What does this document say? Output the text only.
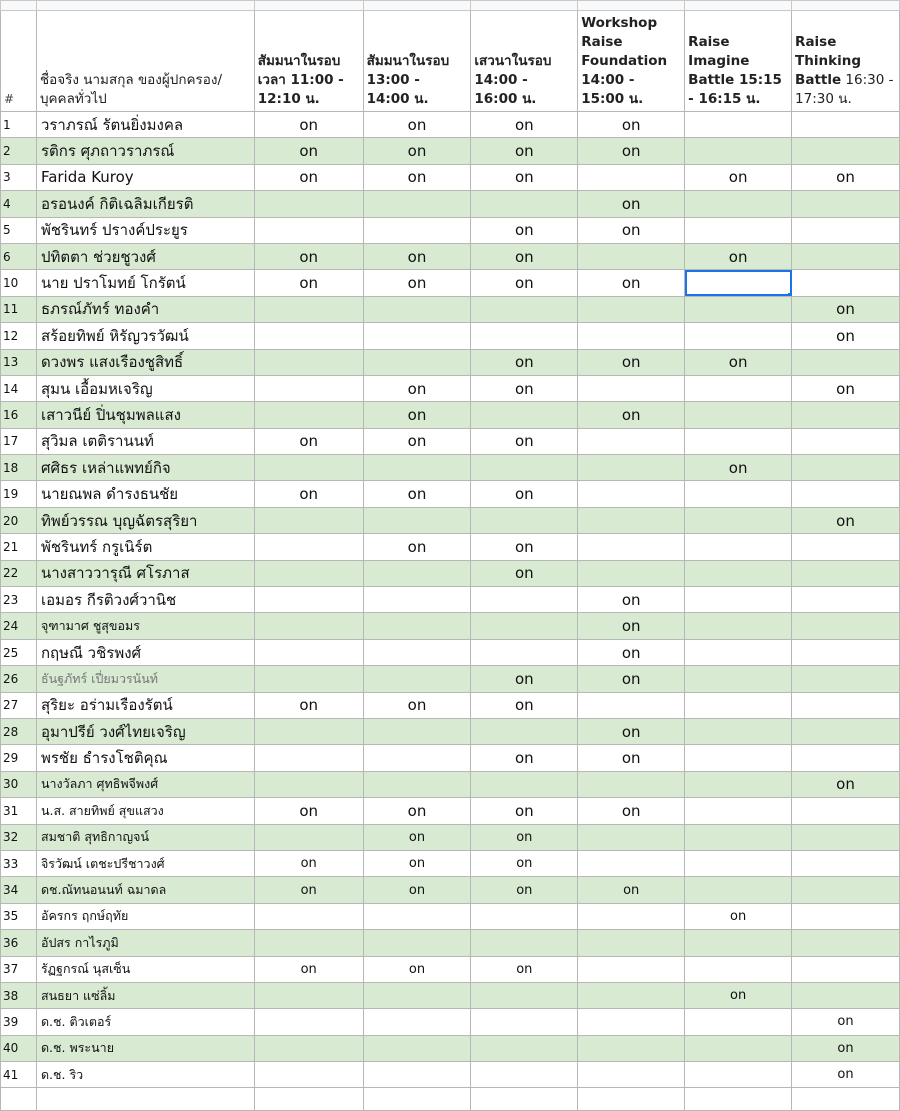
#	ชื่อจริง นามสกุล ของผู้ปกครอง/บุคคลทั่วไป	สัมมนาในรอบ เวลา 11:00 - 12:10 น.	สัมมนาในรอบ 13:00 - 14:00 น.	เสวนาในรอบ 14:00 - 16:00 น.	Workshop Raise Foundation 14:00 - 15:00 น.	Raise Imagine Battle 15:15 - 16:15 น.	Raise Thinking Battle 16:30 - 17:30 น.
1	วราภรณ์ รัตนยิ่งมงคล	on	on	on	on		
2	รติกร ศุภถาวราภรณ์	on	on	on	on		
3	Farida Kuroy	on	on	on		on	on
4	อรอนงค์ กิติเฉลิมเกียรติ				on		
5	พัชรินทร์ ปรางค์ประยูร			on	on		
6	ปทิตตา ช่วยชูวงศ์	on	on	on		on	
10	นาย ปราโมทย์ โกรัตน์	on	on	on	on		
11	ธภรณ์ภัทร์ ทองคำ						on
12	สร้อยทิพย์ หิรัญวรวัฒน์						on
13	ดวงพร แสงเรืองชูสิทธิ์			on	on	on	
14	สุมน เอื้อมหเจริญ		on	on			on
16	เสาวนีย์ ปิ่นชุมพลแสง		on		on		
17	สุวิมล เตติรานนท์	on	on	on			
18	ศศิธร เหล่าแพทย์กิจ					on	
19	นายณพล ดำรงธนชัย	on	on	on			
20	ทิพย์วรรณ บุญฉัตรสุริยา						on
21	พัชรินทร์ กรูเนิร์ต		on	on			
22	นางสาววารุณี ศโรภาส			on			
23	เอมอร กีรติวงศ์วานิช				on		
24	จุฑามาศ ชูสุขอมร				on		
25	กฤษณี วชิรพงศ์				on		
26	ธันฐภัทร์ เปี่ยมวรนันท์			on	on		
27	สุริยะ อร่ามเรืองรัตน์	on	on	on			
28	อุมาปรีย์ วงศ์ไทยเจริญ				on		
29	พรชัย ธำรงโชติคุณ			on	on		
30	นางวัลภา ศุทธิพจีพงศ์						on
31	น.ส. สายทิพย์ สุขแสวง	on	on	on	on		
32	สมชาติ สุทธิกาญจน์		on	on			
33	จิรวัฒน์ เตชะปรีชาวงศ์	on	on	on			
34	ดช.ณัทนอนนท์ ฉมาดล	on	on	on	on		
35	อัครกร ฤกษ์ฤทัย					on	
36	อัปสร กาไรภูมิ						
37	รัฏฐกรณ์ นุสเซ็น	on	on	on			
38	สนธยา แซ่ลิ้ม					on	
39	ด.ช. ติวเตอร์						on
40	ด.ช. พระนาย						on
41	ด.ช. ริว						on
